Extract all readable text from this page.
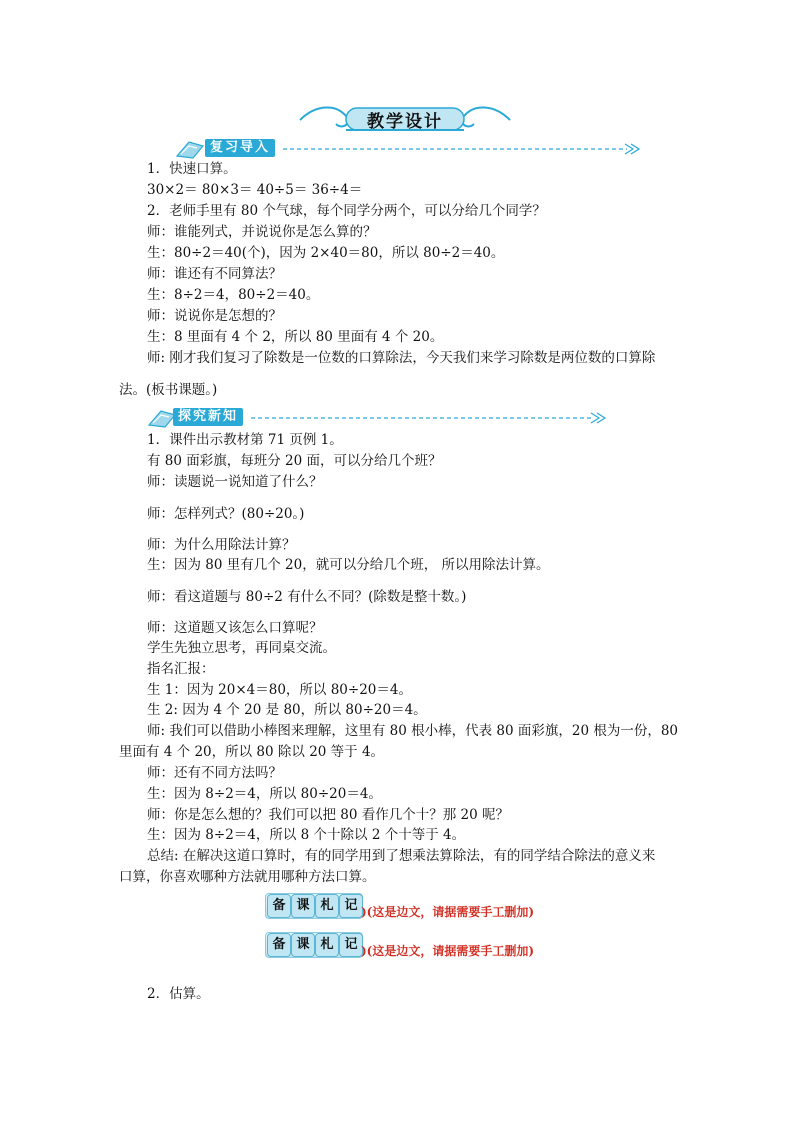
教学设计
复习导入
1．快速口算。
30×2＝ 80×3＝ 40÷5＝ 36÷4＝
2．老师手里有 80 个气球，每个同学分两个，可以分给几个同学？
师：谁能列式，并说说你是怎么算的？
生：80÷2＝40(个)，因为 2×40＝80，所以 80÷2＝40。
师：谁还有不同算法？
生：8÷2＝4，80÷2＝40。
师：说说你是怎想的？
生：8 里面有 4 个 2，所以 80 里面有 4 个 20。
师: 刚才我们复习了除数是一位数的口算除法，今天我们来学习除数是两位数的口算除
法。(板书课题。)
探究新知
1．课件出示教材第 71 页例 1。
有 80 面彩旗，每班分 20 面，可以分给几个班？
师：读题说一说知道了什么？
师：怎样列式？(80÷20。)
师：为什么用除法计算？
生：因为 80 里有几个 20，就可以分给几个班， 所以用除法计算。
师：看这道题与 80÷2 有什么不同？(除数是整十数。)
师：这道题又该怎么口算呢？
学生先独立思考，再同桌交流。
指名汇报：
生 1：因为 20×4＝80，所以 80÷20＝4。
生 2: 因为 4 个 20 是 80，所以 80÷20＝4。
师: 我们可以借助小棒图来理解，这里有 80 根小棒，代表 80 面彩旗，20 根为一份，80
里面有 4 个 20，所以 80 除以 20 等于 4。
师：还有不同方法吗？
生：因为 8÷2＝4，所以 80÷20＝4。
师：你是怎么想的？我们可以把 80 看作几个十？那 20 呢？
生：因为 8÷2＝4，所以 8 个十除以 2 个十等于 4。
总结: 在解决这道口算时，有的同学用到了想乘法算除法，有的同学结合除法的意义来
口算，你喜欢哪种方法就用哪种方法口算。
备 课 札 记 )(这是边文，请据需要手工删加)
备 课 札 记 )(这是边文，请据需要手工删加)
2．估算。
